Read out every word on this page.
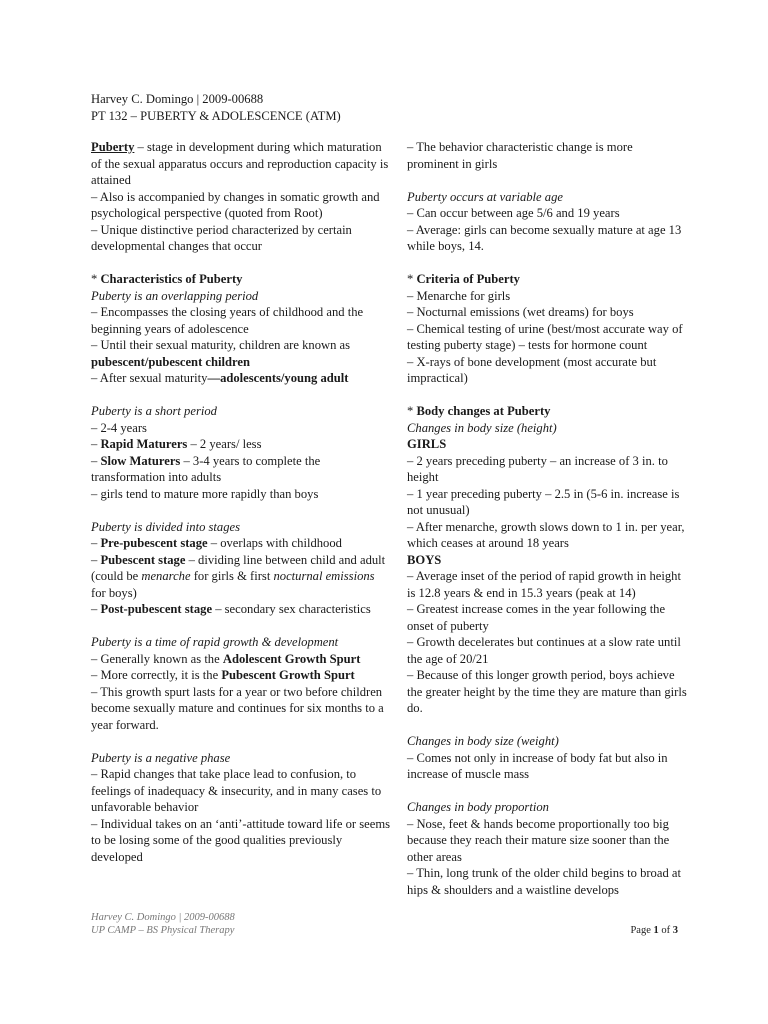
Harvey C. Domingo | 2009-00688
PT 132 – PUBERTY & ADOLESCENCE (ATM)
Puberty – stage in development during which maturation of the sexual apparatus occurs and reproduction capacity is attained
– Also is accompanied by changes in somatic growth and psychological perspective (quoted from Root)
– Unique distinctive period characterized by certain developmental changes that occur
* Characteristics of Puberty
Puberty is an overlapping period
– Encompasses the closing years of childhood and the beginning years of adolescence
– Until their sexual maturity, children are known as pubescent/pubescent children
– After sexual maturity—adolescents/young adult
Puberty is a short period
– 2-4 years
– Rapid Maturers – 2 years/ less
– Slow Maturers – 3-4 years to complete the transformation into adults
– girls tend to mature more rapidly than boys
Puberty is divided into stages
– Pre-pubescent stage – overlaps with childhood
– Pubescent stage – dividing line between child and adult (could be menarche for girls & first nocturnal emissions for boys)
– Post-pubescent stage – secondary sex characteristics
Puberty is a time of rapid growth & development
– Generally known as the Adolescent Growth Spurt
– More correctly, it is the Pubescent Growth Spurt
– This growth spurt lasts for a year or two before children become sexually mature and continues for six months to a year forward.
Puberty is a negative phase
– Rapid changes that take place lead to confusion, to feelings of inadequacy & insecurity, and in many cases to unfavorable behavior
– Individual takes on an ‘anti’-attitude toward life or seems to be losing some of the good qualities previously developed
– The behavior characteristic change is more prominent in girls
Puberty occurs at variable age
– Can occur between age 5/6 and 19 years
– Average: girls can become sexually mature at age 13 while boys, 14.
* Criteria of Puberty
– Menarche for girls
– Nocturnal emissions (wet dreams) for boys
– Chemical testing of urine (best/most accurate way of testing puberty stage) – tests for hormone count
– X-rays of bone development (most accurate but impractical)
* Body changes at Puberty
Changes in body size (height)
GIRLS
– 2 years preceding puberty – an increase of 3 in. to height
– 1 year preceding puberty – 2.5 in (5-6 in. increase is not unusual)
– After menarche, growth slows down to 1 in. per year, which ceases at around 18 years
BOYS
– Average inset of the period of rapid growth in height is 12.8 years & end in 15.3 years (peak at 14)
– Greatest increase comes in the year following the onset of puberty
– Growth decelerates but continues at a slow rate until the age of 20/21
– Because of this longer growth period, boys achieve the greater height by the time they are mature than girls do.
Changes in body size (weight)
– Comes not only in increase of body fat but also in increase of muscle mass
Changes in body proportion
– Nose, feet & hands become proportionally too big because they reach their mature size sooner than the other areas
– Thin, long trunk of the older child begins to broad at hips & shoulders and a waistline develops
Harvey C. Domingo | 2009-00688
UP CAMP – BS Physical Therapy	Page 1 of 3
